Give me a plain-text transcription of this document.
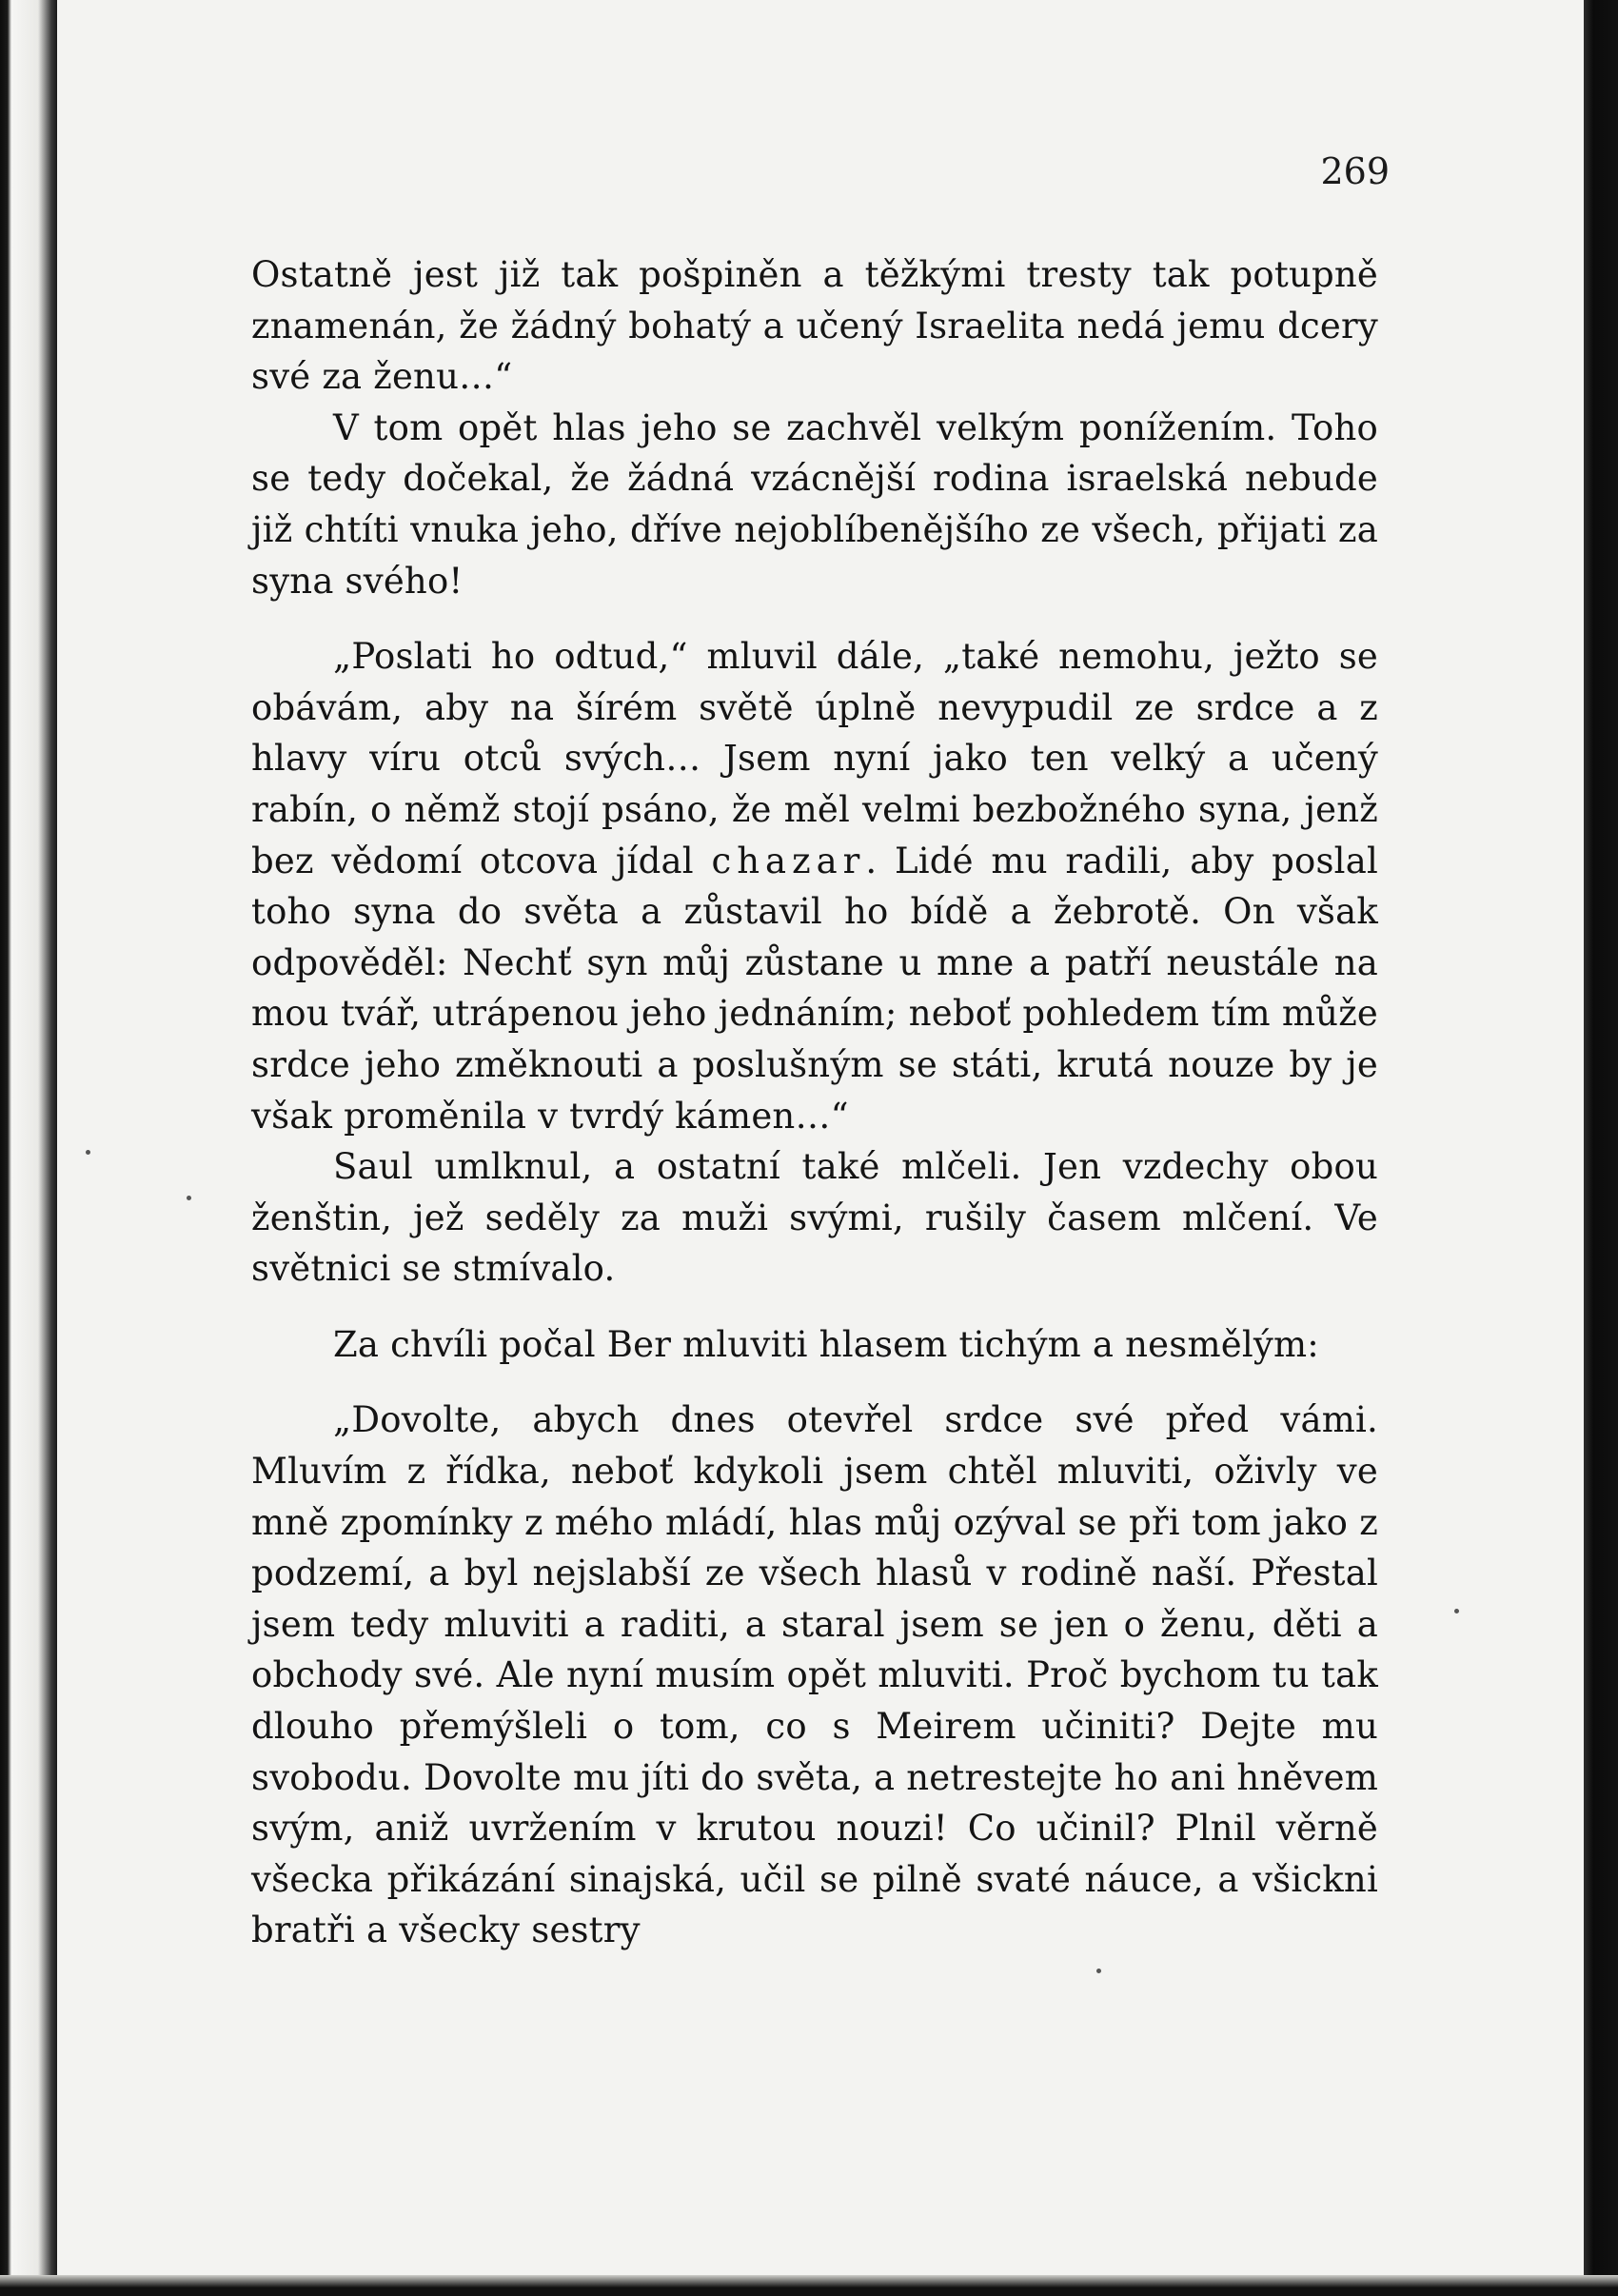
269

Ostatně jest již tak pošpiněn a těžkými tresty tak potupně znamenán, že žádný bohatý a učený Israelita nedá jemu dcery své za ženu…“

V tom opět hlas jeho se zachvěl velkým ponížením. Toho se tedy dočekal, že žádná vzácnější rodina israelská nebude již chtíti vnuka jeho, dříve nejoblíbenějšího ze všech, přijati za syna svého!

„Poslati ho odtud,“ mluvil dále, „také nemohu, ježto se obávám, aby na šírém světě úplně nevypudil ze srdce a z hlavy víru otců svých… Jsem nyní jako ten velký a učený rabín, o němž stojí psáno, že měl velmi bezbožného syna, jenž bez vědomí otcova jídal chazar. Lidé mu radili, aby poslal toho syna do světa a zůstavil ho bídě a žebrotě. On však odpověděl: Nechť syn můj zůstane u mne a patří neustále na mou tvář, utrápenou jeho jednáním; neboť pohledem tím může srdce jeho změknouti a poslušným se státi, krutá nouze by je však proměnila v tvrdý kámen…“

Saul umlknul, a ostatní také mlčeli. Jen vzdechy obou ženštin, jež seděly za muži svými, rušily časem mlčení. Ve světnici se stmívalo.

Za chvíli počal Ber mluviti hlasem tichým a nesmělým:

„Dovolte, abych dnes otevřel srdce své před vámi. Mluvím z řídka, neboť kdykoli jsem chtěl mluviti, oživly ve mně zpomínky z mého mládí, hlas můj ozýval se při tom jako z podzemí, a byl nejslabší ze všech hlasů v rodině naší. Přestal jsem tedy mluviti a raditi, a staral jsem se jen o ženu, děti a obchody své. Ale nyní musím opět mluviti. Proč bychom tu tak dlouho přemýšleli o tom, co s Meirem učiniti? Dejte mu svobodu. Dovolte mu jíti do světa, a netrestejte ho ani hněvem svým, aniž uvržením v krutou nouzi! Co učinil? Plnil věrně všecka přikázání sinajská, učil se pilně svaté náuce, a všickni bratři a všecky sestry
